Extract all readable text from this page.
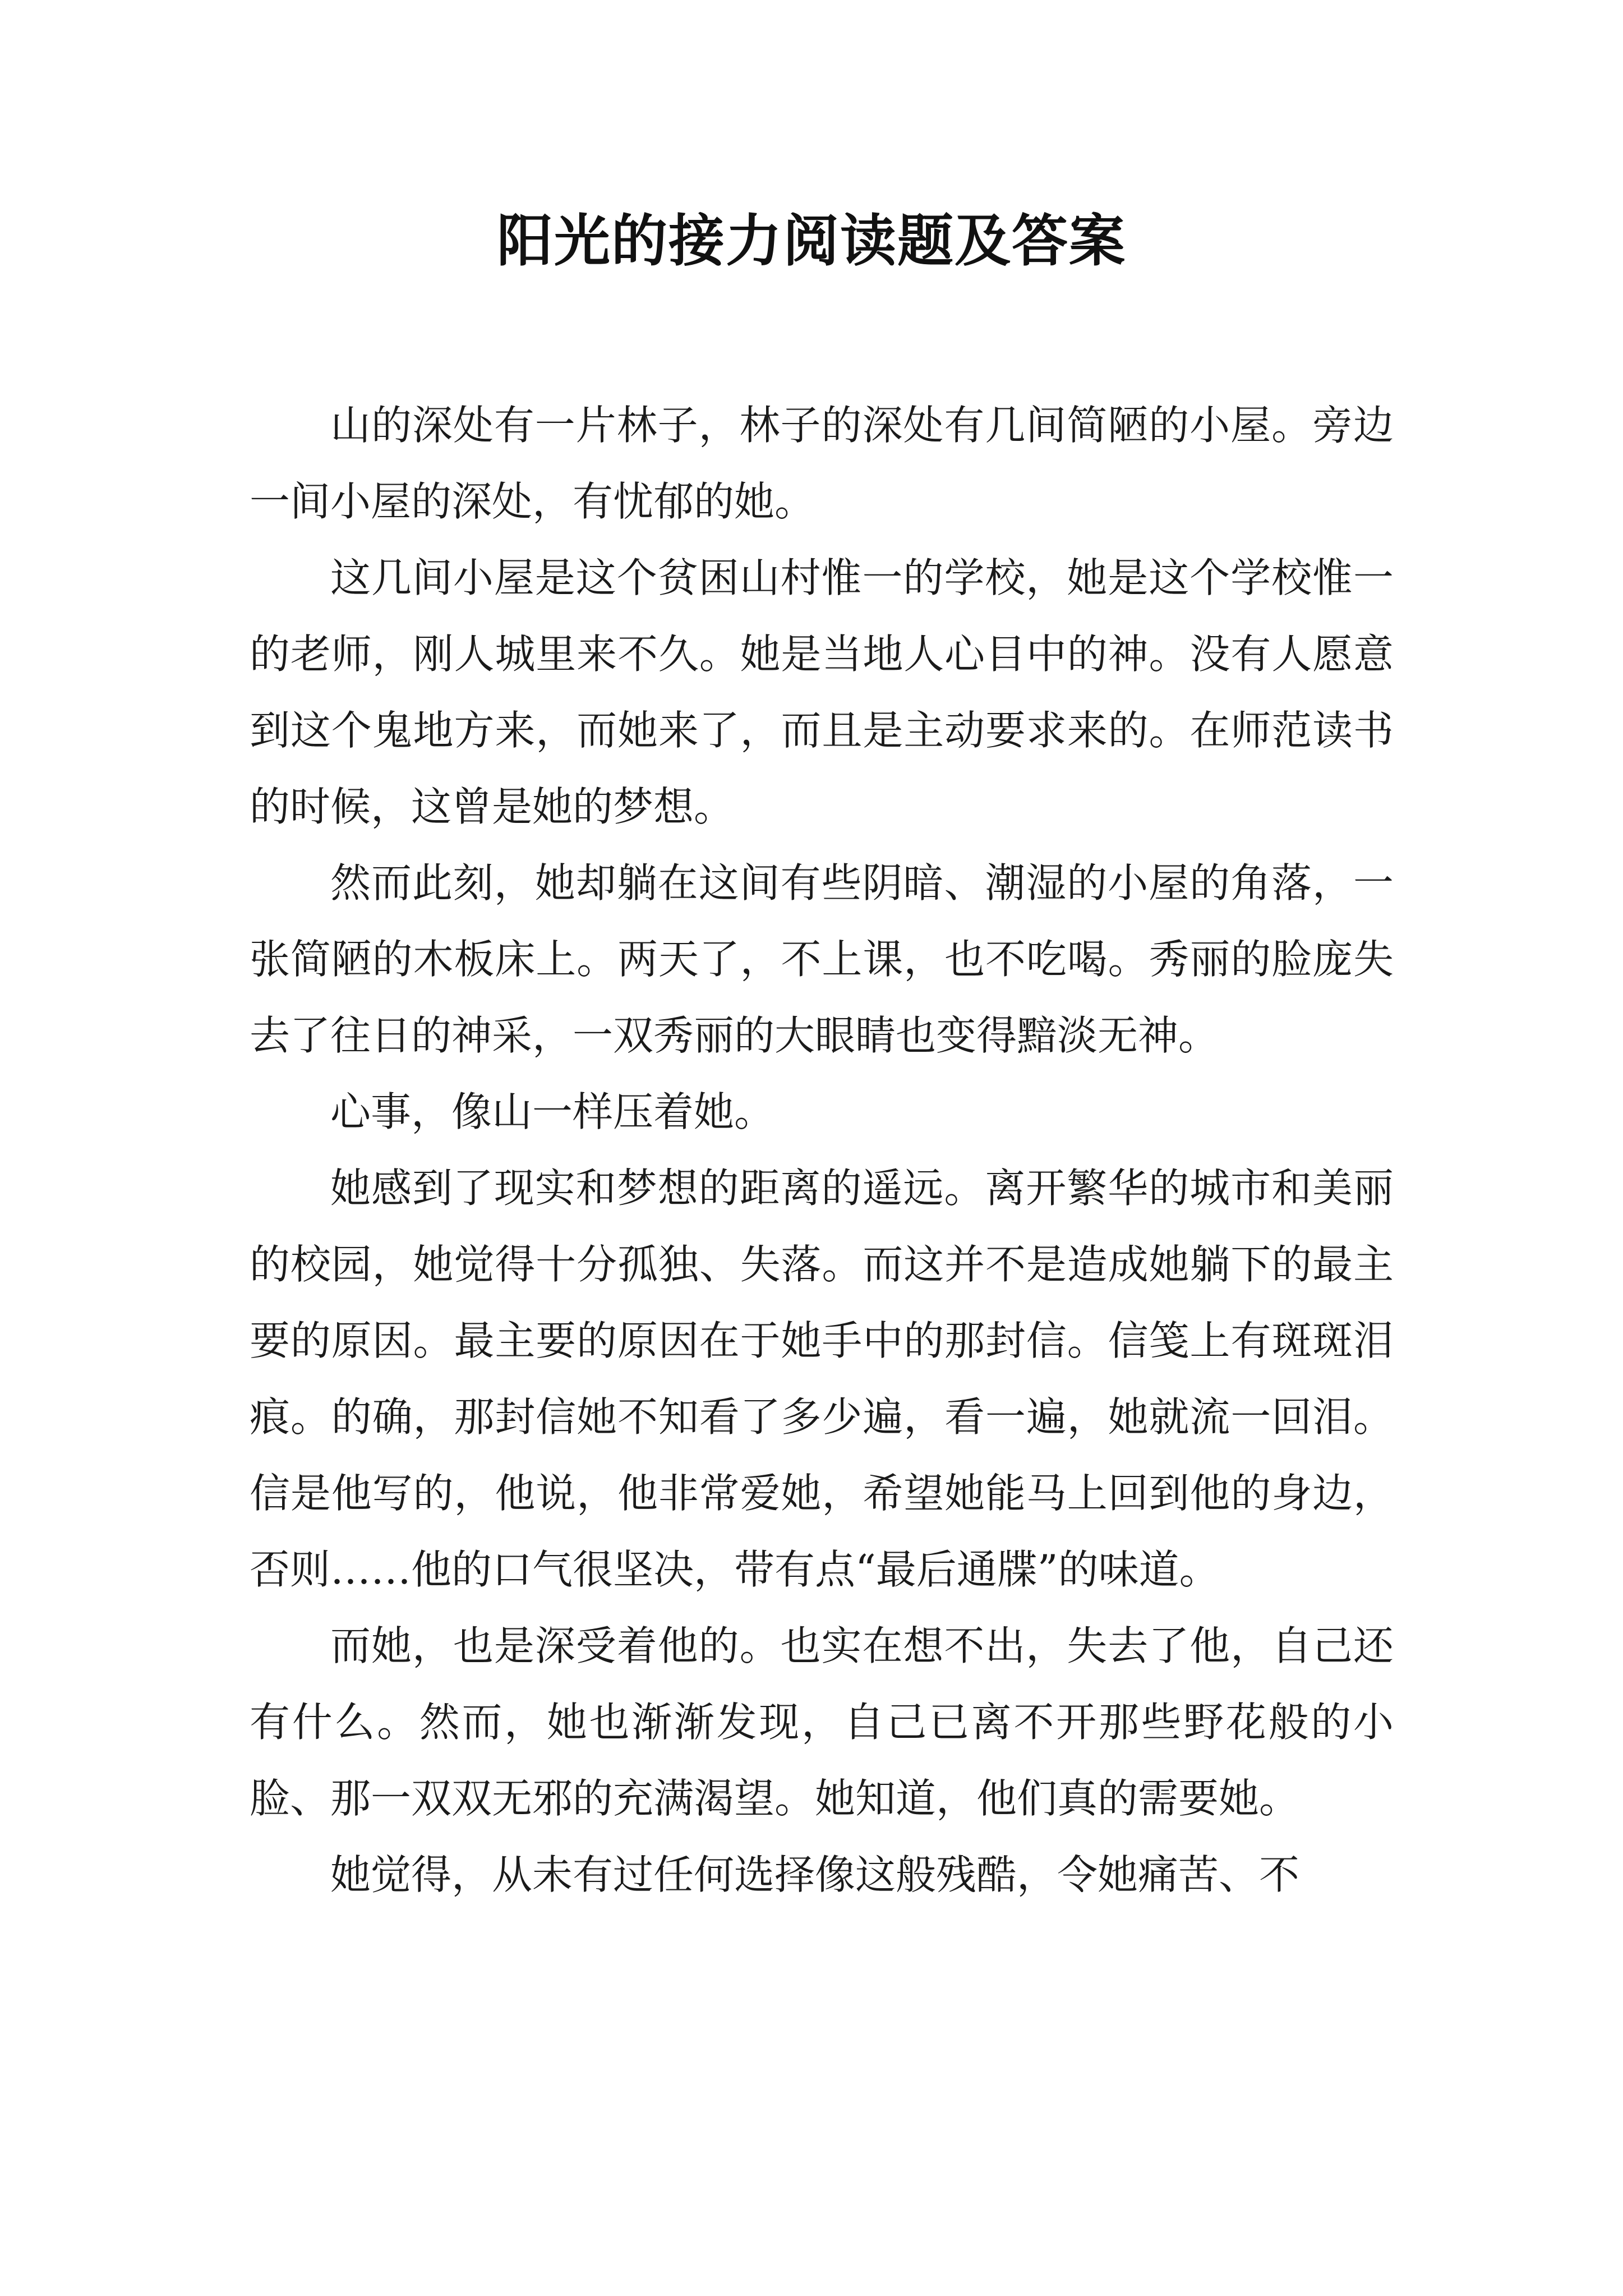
阳光的接力阅读题及答案

山的深处有一片林子，林子的深处有几间简陋的小屋。旁边一间小屋的深处，有忧郁的她。

这几间小屋是这个贫困山村惟一的学校，她是这个学校惟一的老师，刚人城里来不久。她是当地人心目中的神。没有人愿意到这个鬼地方来，而她来了，而且是主动要求来的。在师范读书的时候，这曾是她的梦想。

然而此刻，她却躺在这间有些阴暗、潮湿的小屋的角落，一张简陋的木板床上。两天了，不上课，也不吃喝。秀丽的脸庞失去了往日的神采，一双秀丽的大眼睛也变得黯淡无神。

心事，像山一样压着她。

她感到了现实和梦想的距离的遥远。离开繁华的城市和美丽的校园，她觉得十分孤独、失落。而这并不是造成她躺下的最主要的原因。最主要的原因在于她手中的那封信。信笺上有斑斑泪痕。的确，那封信她不知看了多少遍，看一遍，她就流一回泪。信是他写的，他说，他非常爱她，希望她能马上回到他的身边，否则……他的口气很坚决，带有点“最后通牒”的味道。

而她，也是深受着他的。也实在想不出，失去了他，自己还有什么。然而，她也渐渐发现，自己已离不开那些野花般的小脸、那一双双无邪的充满渴望。她知道，他们真的需要她。

她觉得，从未有过任何选择像这般残酷，令她痛苦、不
